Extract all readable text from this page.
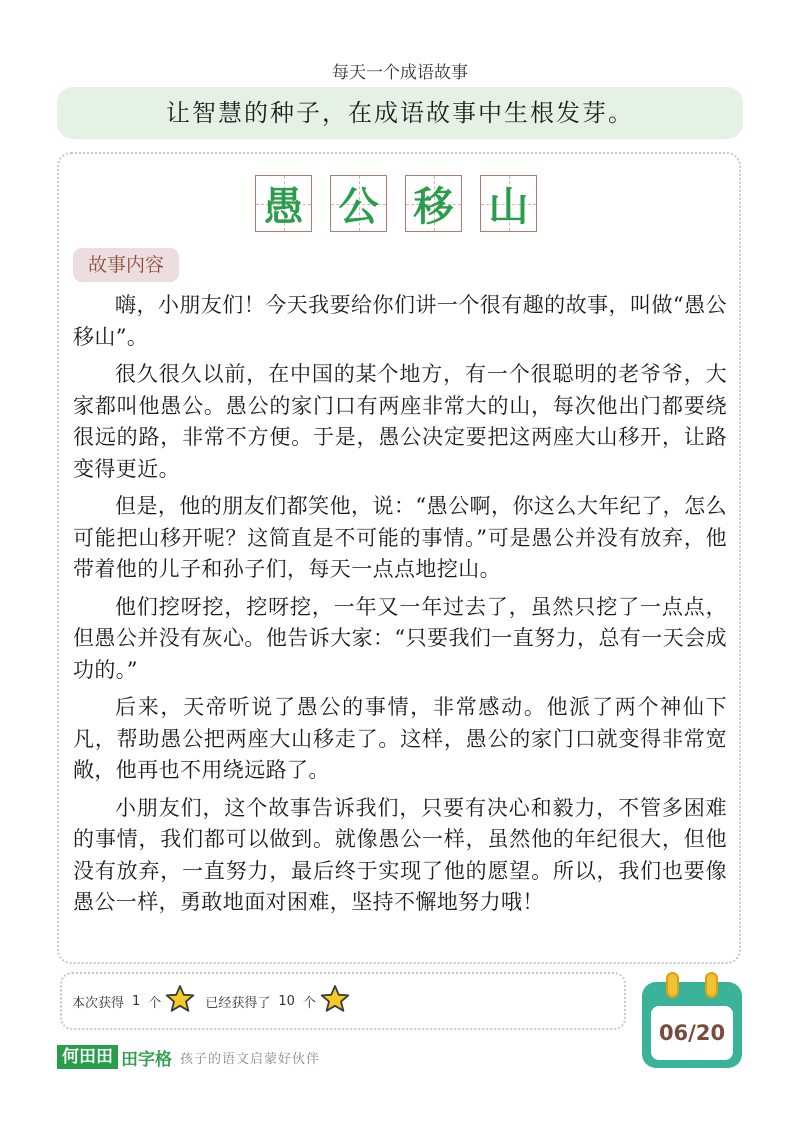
每天一个成语故事
让智慧的种子，在成语故事中生根发芽。
愚 公 移 山
故事内容

嗨，小朋友们！今天我要给你们讲一个很有趣的故事，叫做“愚公移山”。

很久很久以前，在中国的某个地方，有一个很聪明的老爷爷，大家都叫他愚公。愚公的家门口有两座非常大的山，每次他出门都要绕很远的路，非常不方便。于是，愚公决定要把这两座大山移开，让路变得更近。

但是，他的朋友们都笑他，说：“愚公啊，你这么大年纪了，怎么可能把山移开呢？这简直是不可能的事情。”可是愚公并没有放弃，他带着他的儿子和孙子们，每天一点点地挖山。

他们挖呀挖，挖呀挖，一年又一年过去了，虽然只挖了一点点，但愚公并没有灰心。他告诉大家：“只要我们一直努力，总有一天会成功的。”

后来，天帝听说了愚公的事情，非常感动。他派了两个神仙下凡，帮助愚公把两座大山移走了。这样，愚公的家门口就变得非常宽敞，他再也不用绕远路了。

小朋友们，这个故事告诉我们，只要有决心和毅力，不管多困难的事情，我们都可以做到。就像愚公一样，虽然他的年纪很大，但他没有放弃，一直努力，最后终于实现了他的愿望。所以，我们也要像愚公一样，勇敢地面对困难，坚持不懈地努力哦！

本次获得 1 个	已经获得了 10 个
06/20
何田田 田字格 孩子的语文启蒙好伙伴
